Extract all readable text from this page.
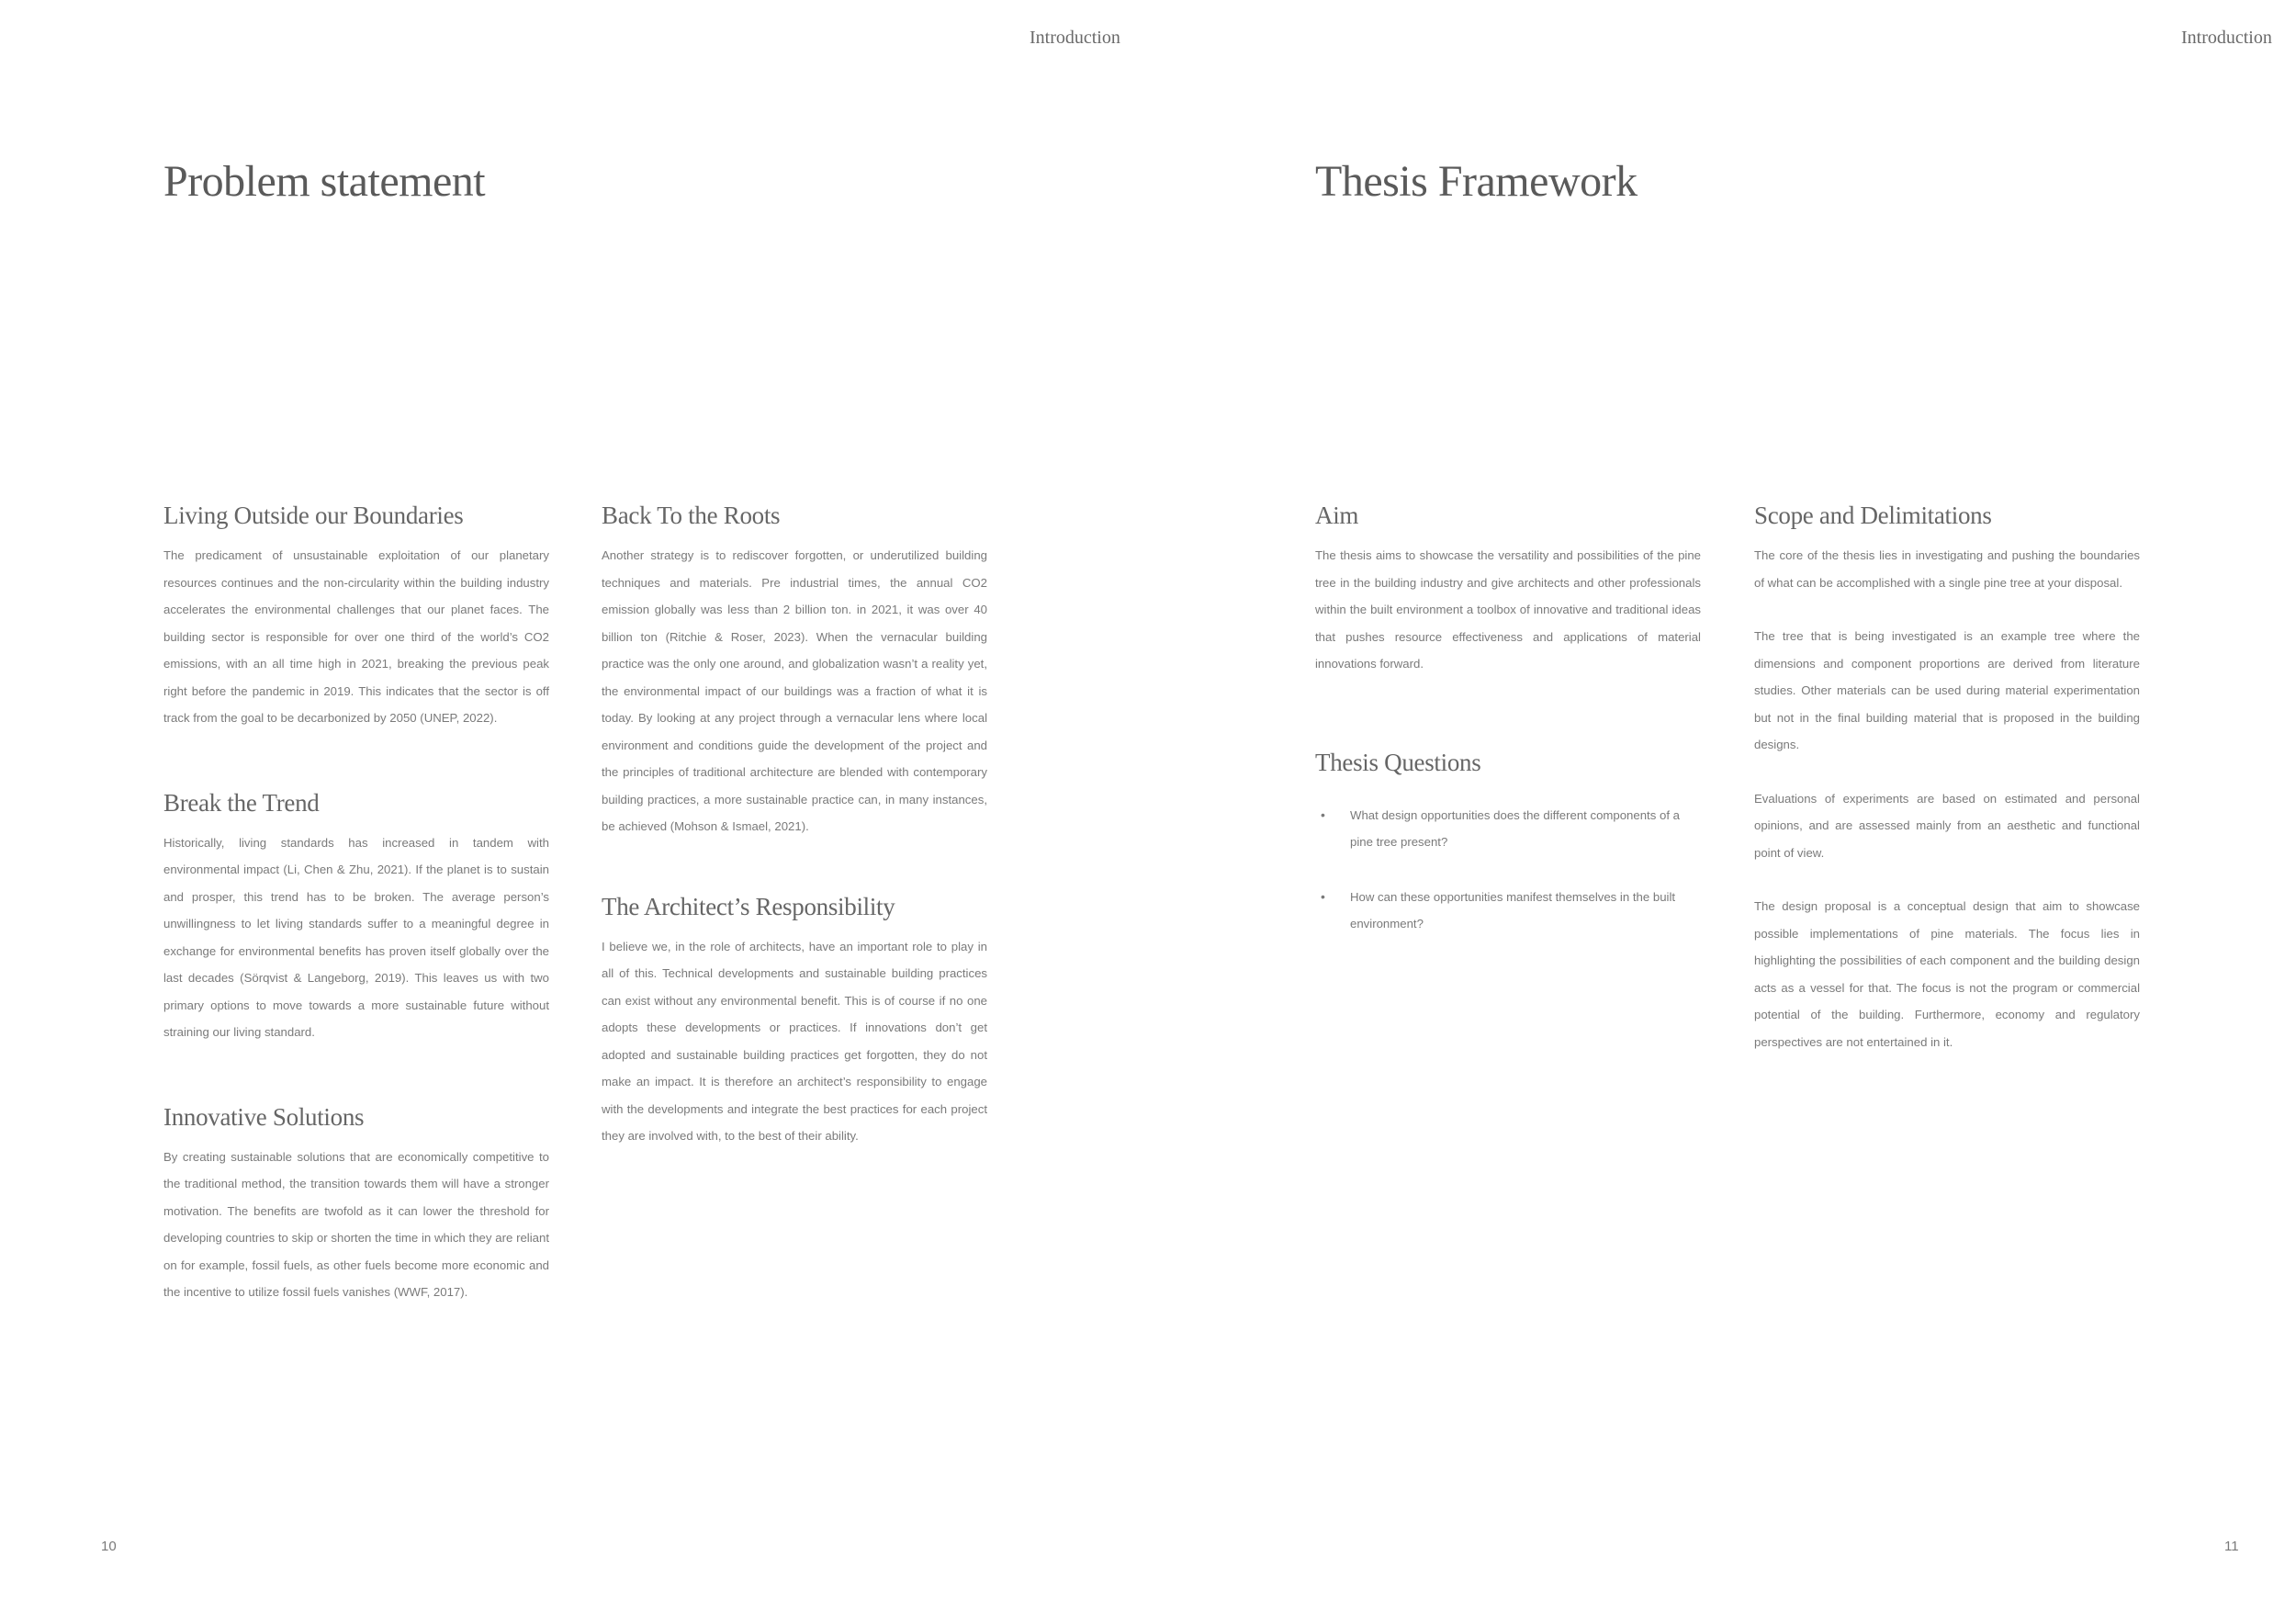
Introduction
Problem statement
Living Outside our Boundaries

The predicament of unsustainable exploitation of our planetary resources continues and the non-circularity within the building industry accelerates the environmental challenges that our planet faces. The building sector is responsible for over one third of the world’s CO2 emissions, with an all time high in 2021, breaking the previous peak right before the pandemic in 2019. This indicates that the sector is off track from the goal to be decarbonized by 2050 (UNEP, 2022).

Break the Trend

Historically, living standards has increased in tandem with environmental impact (Li, Chen & Zhu, 2021). If the planet is to sustain and prosper, this trend has to be broken. The average person’s unwillingness to let living standards suffer to a meaningful degree in exchange for environmental benefits has proven itself globally over the last decades (Sörqvist & Langeborg, 2019). This leaves us with two primary options to move towards a more sustainable future without straining our living standard.

Innovative Solutions

By creating sustainable solutions that are economically competitive to the traditional method, the transition towards them will have a stronger motivation. The benefits are twofold as it can lower the threshold for developing countries to skip or shorten the time in which they are reliant on for example, fossil fuels, as other fuels become more economic and the incentive to utilize fossil fuels vanishes (WWF, 2017).

Back To the Roots

Another strategy is to rediscover forgotten, or underutilized building techniques and materials. Pre industrial times, the annual CO2 emission globally was less than 2 billion ton. in 2021, it was over 40 billion ton (Ritchie & Roser, 2023). When the vernacular building practice was the only one around, and globalization wasn’t a reality yet, the environmental impact of our buildings was a fraction of what it is today. By looking at any project through a vernacular lens where local environment and conditions guide the development of the project and the principles of traditional architecture are blended with contemporary building practices, a more sustainable practice can, in many instances, be achieved (Mohson & Ismael, 2021).

The Architect’s Responsibility

I believe we, in the role of architects, have an important role to play in all of this. Technical developments and sustainable building practices can exist without any environmental benefit. This is of course if no one adopts these developments or practices. If innovations don’t get adopted and sustainable building practices get forgotten, they do not make an impact. It is therefore an architect’s responsibility to engage with the developments and integrate the best practices for each project they are involved with, to the best of their ability.

10
Introduction
Thesis Framework
Aim

The thesis aims to showcase the versatility and possibilities of the pine tree in the building industry and give architects and other professionals within the built environment a toolbox of innovative and traditional ideas that pushes resource effectiveness and applications of material innovations forward.

Thesis Questions
• What design opportunities does the different components of a pine tree present?
• How can these opportunities manifest themselves in the built environment?
Scope and Delimitations

The core of the thesis lies in investigating and pushing the boundaries of what can be accomplished with a single pine tree at your disposal.

The tree that is being investigated is an example tree where the dimensions and component proportions are derived from literature studies. Other materials can be used during material experimentation but not in the final building material that is proposed in the building designs.

Evaluations of experiments are based on estimated and personal opinions, and are assessed mainly from an aesthetic and functional point of view.

The design proposal is a conceptual design that aim to showcase possible implementations of pine materials. The focus lies in highlighting the possibilities of each component and the building design acts as a vessel for that. The focus is not the program or commercial potential of the building. Furthermore, economy and regulatory perspectives are not entertained in it.

11
